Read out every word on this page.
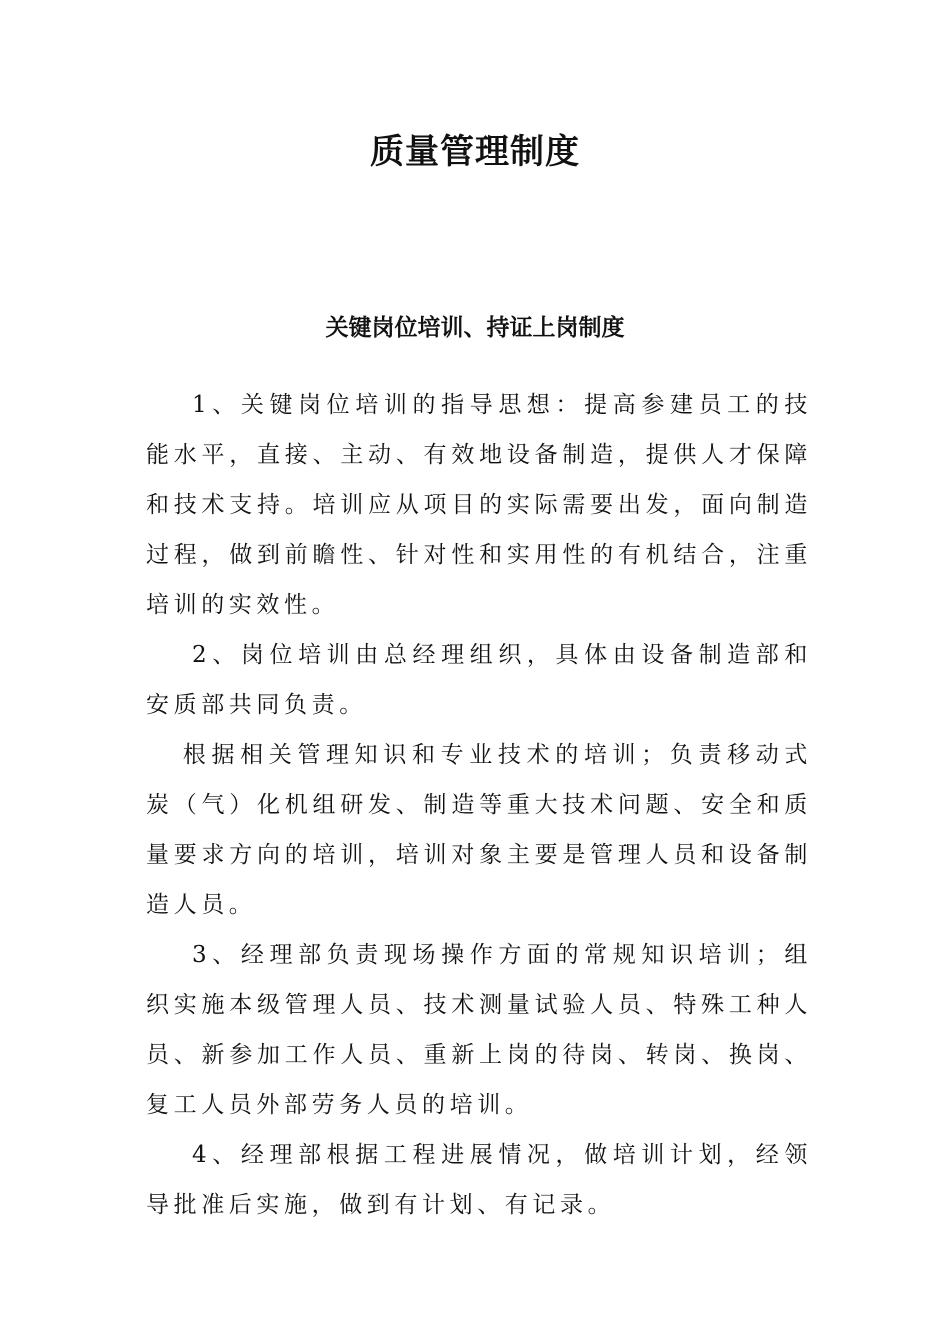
质量管理制度
关键岗位培训、持证上岗制度

1、关键岗位培训的指导思想：提高参建员工的技能水平，直接、主动、有效地设备制造，提供人才保障和技术支持。培训应从项目的实际需要出发，面向制造过程，做到前瞻性、针对性和实用性的有机结合，注重培训的实效性。

2、岗位培训由总经理组织，具体由设备制造部和安质部共同负责。

根据相关管理知识和专业技术的培训；负责移动式炭（气）化机组研发、制造等重大技术问题、安全和质量要求方向的培训，培训对象主要是管理人员和设备制造人员。

3、经理部负责现场操作方面的常规知识培训；组织实施本级管理人员、技术测量试验人员、特殊工种人员、新参加工作人员、重新上岗的待岗、转岗、换岗、复工人员外部劳务人员的培训。

4、经理部根据工程进展情况，做培训计划，经领导批准后实施，做到有计划、有记录。
